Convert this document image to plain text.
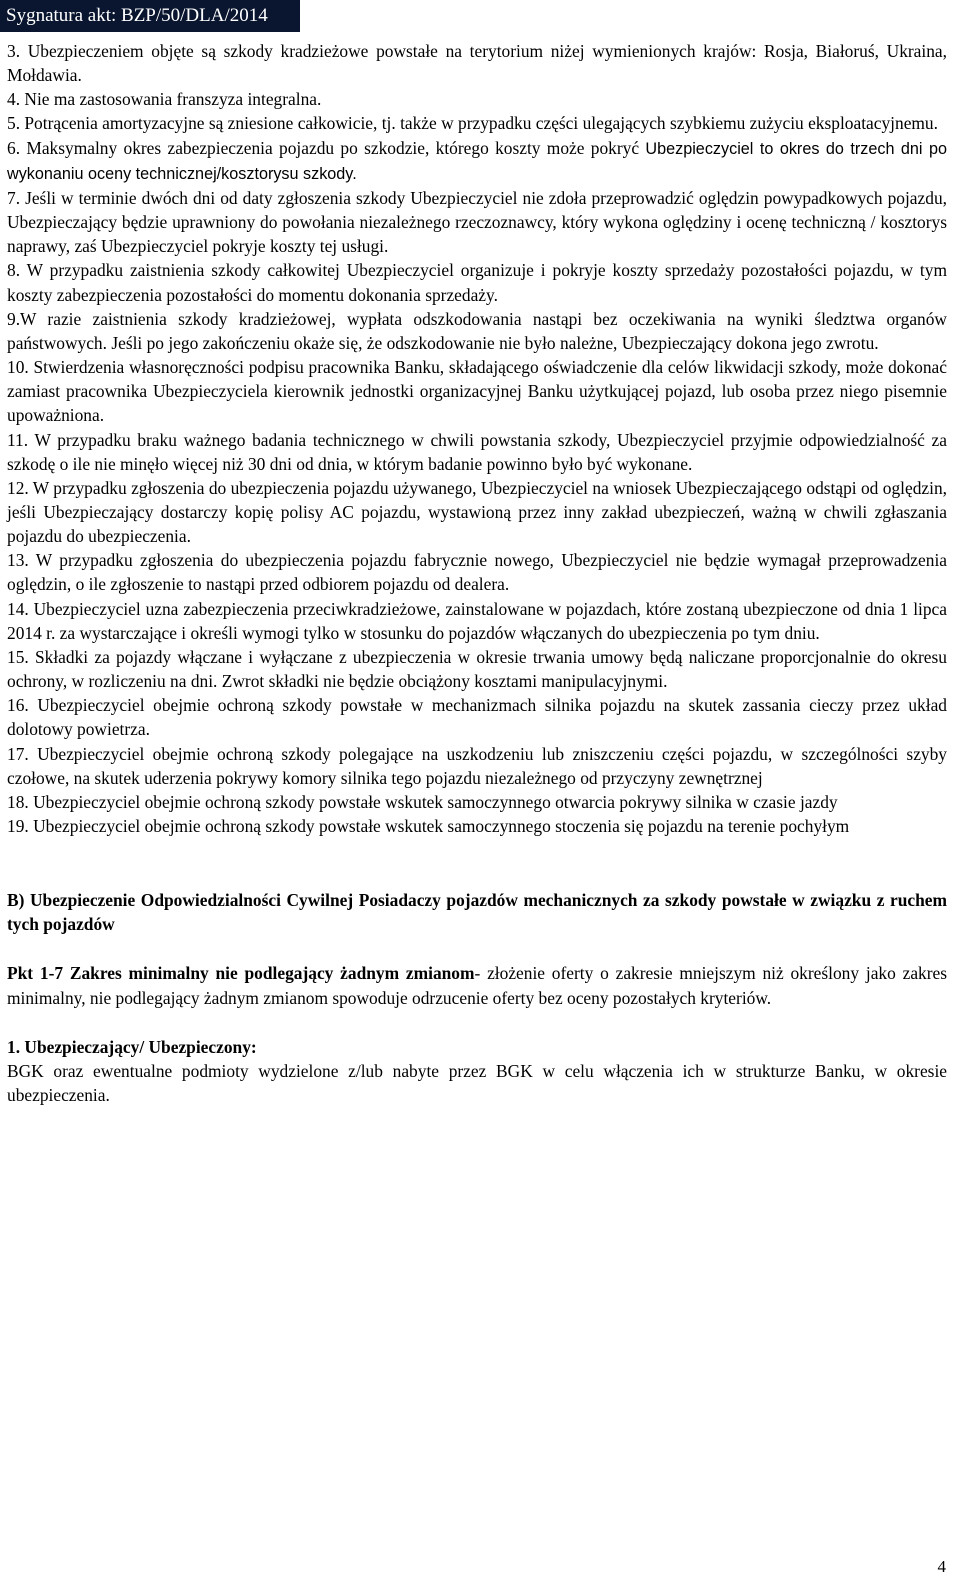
Sygnatura akt: BZP/50/DLA/2014

3. Ubezpieczeniem objęte są szkody kradzieżowe powstałe na terytorium niżej wymienionych krajów: Rosja, Białoruś, Ukraina, Mołdawia.

4. Nie ma zastosowania franszyza integralna.

5. Potrącenia amortyzacyjne są zniesione całkowicie, tj. także w przypadku części ulegających szybkiemu zużyciu eksploatacyjnemu.

6. Maksymalny okres zabezpieczenia pojazdu po szkodzie, którego koszty może pokryć Ubezpieczyciel to okres do trzech dni po wykonaniu oceny technicznej/kosztorysu szkody.

7. Jeśli w terminie dwóch dni od daty zgłoszenia szkody Ubezpieczyciel nie zdoła przeprowadzić oględzin powypadkowych pojazdu, Ubezpieczający będzie uprawniony do powołania niezależnego rzeczoznawcy, który wykona oględziny i ocenę techniczną / kosztorys naprawy, zaś Ubezpieczyciel pokryje koszty tej usługi.

8. W przypadku zaistnienia szkody całkowitej Ubezpieczyciel organizuje i pokryje koszty sprzedaży pozostałości pojazdu, w tym koszty zabezpieczenia pozostałości do momentu dokonania sprzedaży.

9.W razie zaistnienia szkody kradzieżowej, wypłata odszkodowania nastąpi bez oczekiwania na wyniki śledztwa organów państwowych. Jeśli po jego zakończeniu okaże się, że odszkodowanie nie było należne, Ubezpieczający dokona jego zwrotu.

10. Stwierdzenia własnoręczności podpisu pracownika Banku, składającego oświadczenie dla celów likwidacji szkody, może dokonać zamiast pracownika Ubezpieczyciela kierownik jednostki organizacyjnej Banku użytkującej pojazd, lub osoba przez niego pisemnie upoważniona.

11. W przypadku braku ważnego badania technicznego w chwili powstania szkody, Ubezpieczyciel przyjmie odpowiedzialność za szkodę o ile nie minęło więcej niż 30 dni od dnia, w którym badanie powinno było być wykonane.

12. W przypadku zgłoszenia do ubezpieczenia pojazdu używanego, Ubezpieczyciel na wniosek Ubezpieczającego odstąpi od oględzin, jeśli Ubezpieczający dostarczy kopię polisy AC pojazdu, wystawioną przez inny zakład ubezpieczeń, ważną w chwili zgłaszania pojazdu do ubezpieczenia.

13. W przypadku zgłoszenia do ubezpieczenia pojazdu fabrycznie nowego, Ubezpieczyciel nie będzie wymagał przeprowadzenia oględzin, o ile zgłoszenie to nastąpi przed odbiorem pojazdu od dealera.

14. Ubezpieczyciel uzna zabezpieczenia przeciwkradzieżowe, zainstalowane w pojazdach, które zostaną ubezpieczone od dnia 1 lipca 2014 r. za wystarczające i określi wymogi tylko w stosunku do pojazdów włączanych do ubezpieczenia po tym dniu.

15. Składki za pojazdy włączane i wyłączane z ubezpieczenia w okresie trwania umowy będą naliczane proporcjonalnie do okresu ochrony, w rozliczeniu na dni. Zwrot składki nie będzie obciążony kosztami manipulacyjnymi.

16. Ubezpieczyciel obejmie ochroną szkody powstałe w mechanizmach silnika pojazdu na skutek zassania cieczy przez układ dolotowy powietrza.

17. Ubezpieczyciel obejmie ochroną szkody polegające na uszkodzeniu lub zniszczeniu części pojazdu, w szczególności szyby czołowe, na skutek uderzenia pokrywy komory silnika tego pojazdu niezależnego od przyczyny zewnętrznej

18. Ubezpieczyciel obejmie ochroną szkody powstałe wskutek samoczynnego otwarcia pokrywy silnika w czasie jazdy

19. Ubezpieczyciel obejmie ochroną szkody powstałe wskutek samoczynnego stoczenia się pojazdu na terenie pochyłym

B) Ubezpieczenie Odpowiedzialności Cywilnej Posiadaczy pojazdów mechanicznych za szkody powstałe w związku z ruchem tych pojazdów

Pkt 1-7 Zakres minimalny nie podlegający żadnym zmianom- złożenie oferty o zakresie mniejszym niż określony jako zakres minimalny, nie podlegający żadnym zmianom spowoduje odrzucenie oferty bez oceny pozostałych kryteriów.

1. Ubezpieczający/ Ubezpieczony:

BGK oraz ewentualne podmioty wydzielone z/lub nabyte przez BGK w celu włączenia ich w strukturze Banku, w okresie ubezpieczenia.

4
